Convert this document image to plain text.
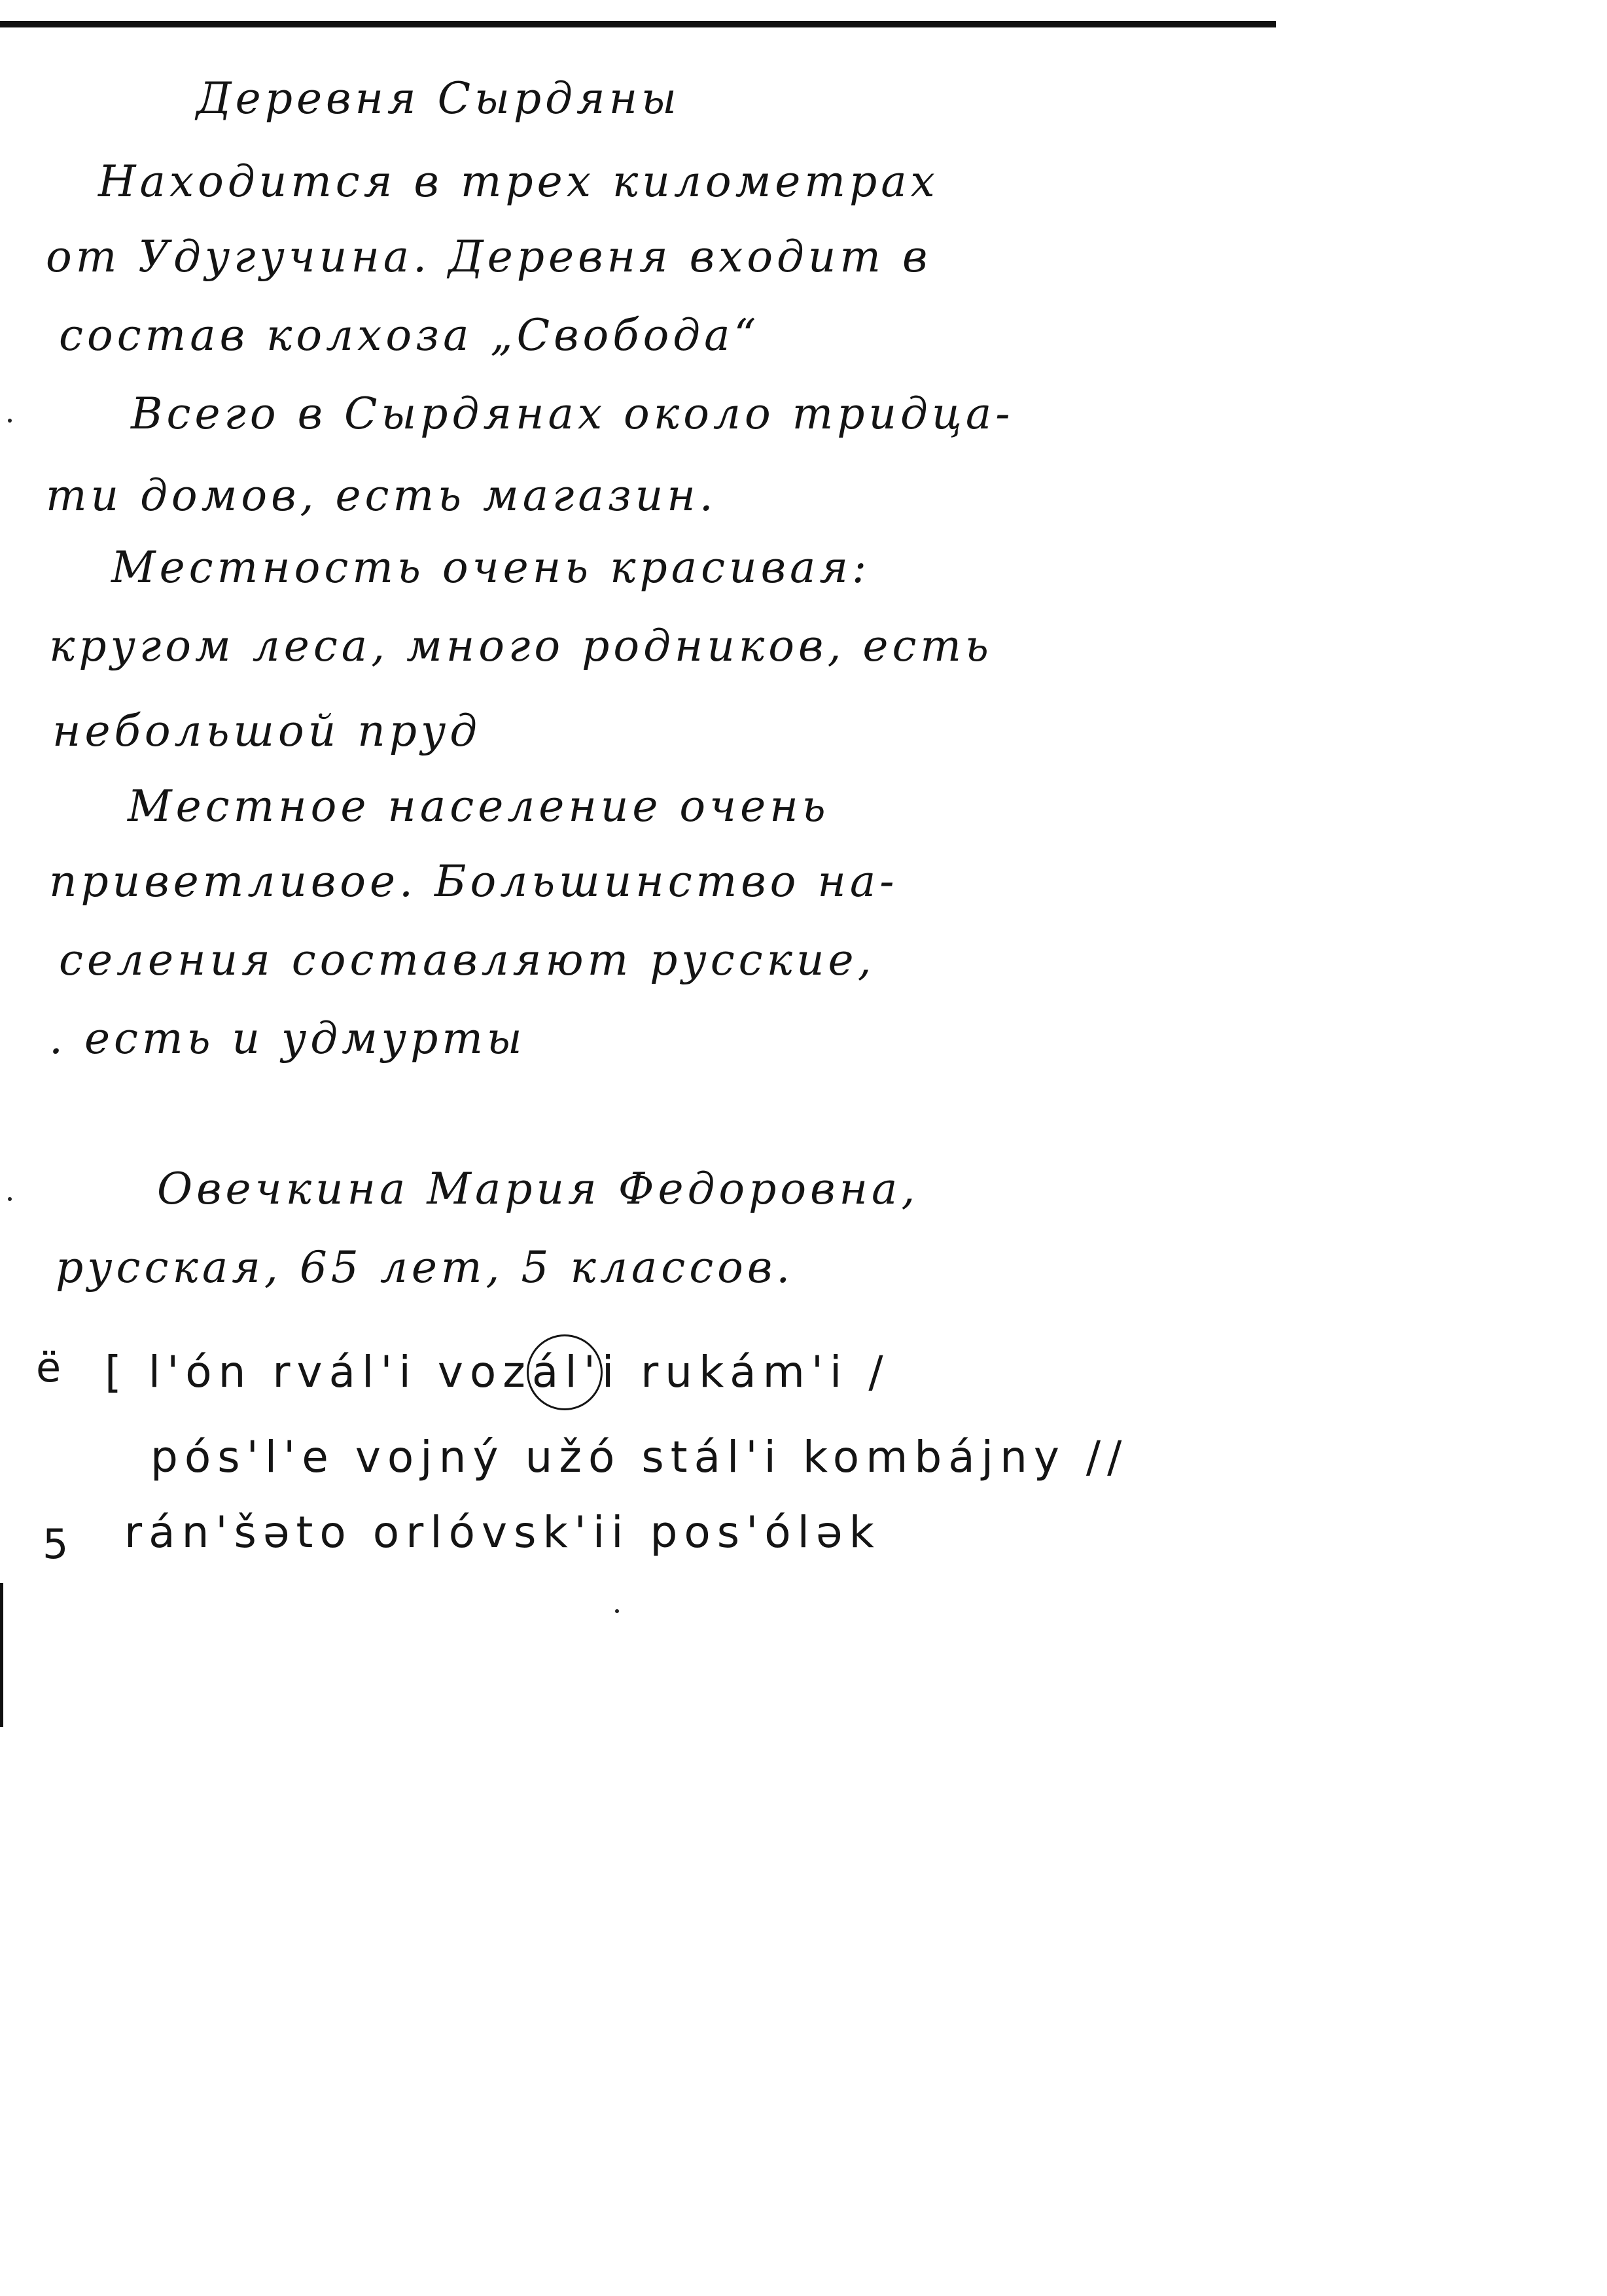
Деревня Сырдяны
Находится в трех километрах
от Удугучина. Деревня входит в
состав колхоза „Свобода“
Всего в Сырдянах около тридца-
ти домов, есть магазин.
Местность очень красивая:
кругом леса, много родников, есть
небольшой пруд
Местное население очень
приветливое. Большинство на-
селения составляют русские,
. есть и удмурты
Овечкина Мария Федоровна,
русская, 65 лет, 5 классов.
ё [ l'ón rvál'i vozál'i rukám'i /
pós'l'e vojný užó stál'i kombájny //
5 rán'šəto orlóvsk'ii pos'ólək
